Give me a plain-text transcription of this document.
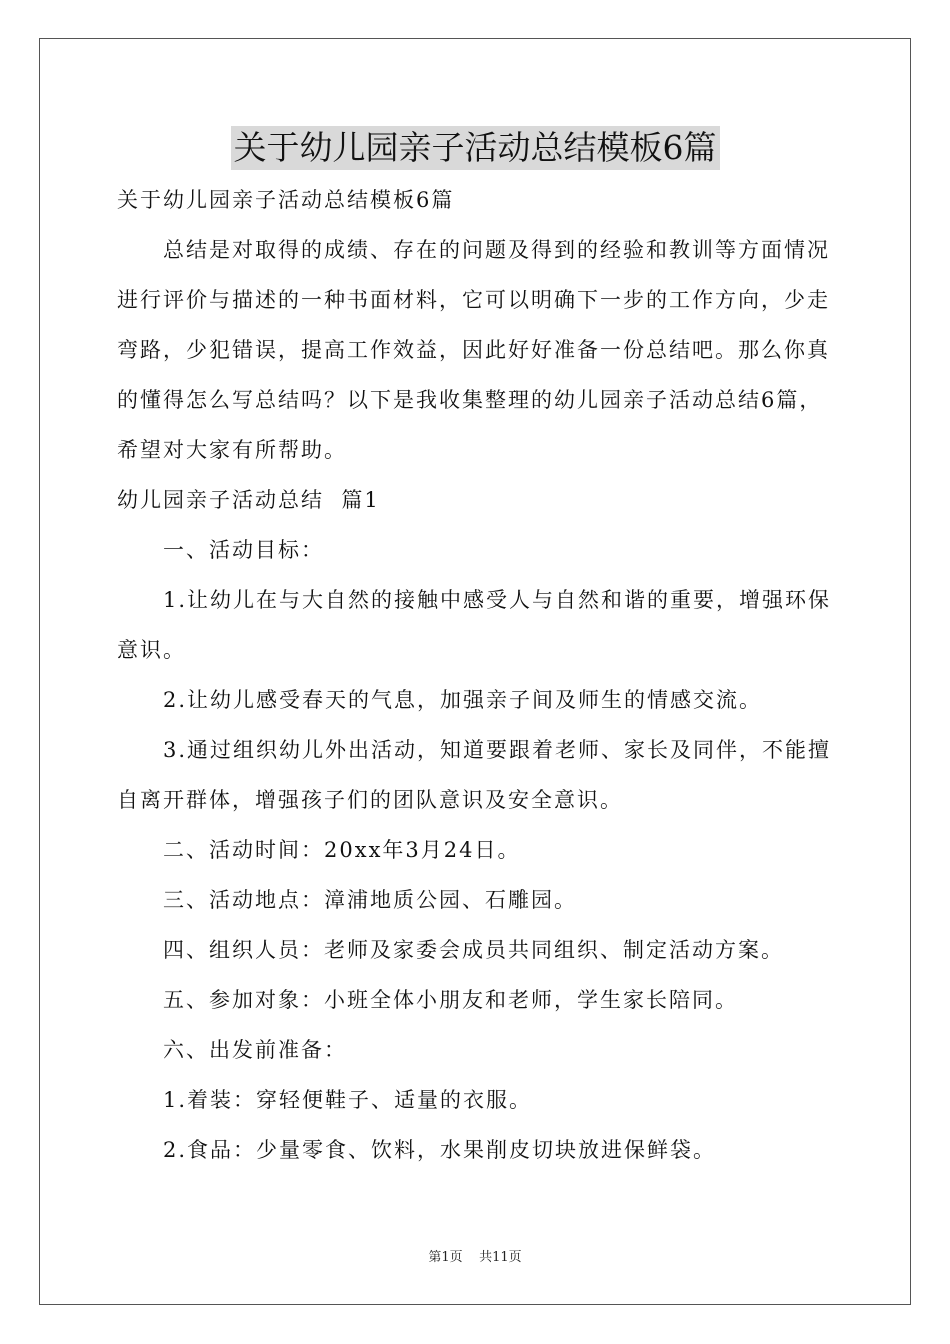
关于幼儿园亲子活动总结模板6篇

关于幼儿园亲子活动总结模板6篇

总结是对取得的成绩、存在的问题及得到的经验和教训等方面情况进行评价与描述的一种书面材料，它可以明确下一步的工作方向，少走弯路，少犯错误，提高工作效益，因此好好准备一份总结吧。那么你真的懂得怎么写总结吗？以下是我收集整理的幼儿园亲子活动总结6篇，希望对大家有所帮助。

幼儿园亲子活动总结  篇1

一、活动目标：

1.让幼儿在与大自然的接触中感受人与自然和谐的重要，增强环保意识。

2.让幼儿感受春天的气息，加强亲子间及师生的情感交流。

3.通过组织幼儿外出活动，知道要跟着老师、家长及同伴，不能擅自离开群体，增强孩子们的团队意识及安全意识。

二、活动时间：20xx年3月24日。

三、活动地点：漳浦地质公园、石雕园。

四、组织人员：老师及家委会成员共同组织、制定活动方案。

五、参加对象：小班全体小朋友和老师，学生家长陪同。

六、出发前准备：

1.着装：穿轻便鞋子、适量的衣服。

2.食品：少量零食、饮料，水果削皮切块放进保鲜袋。

第1页    共11页
